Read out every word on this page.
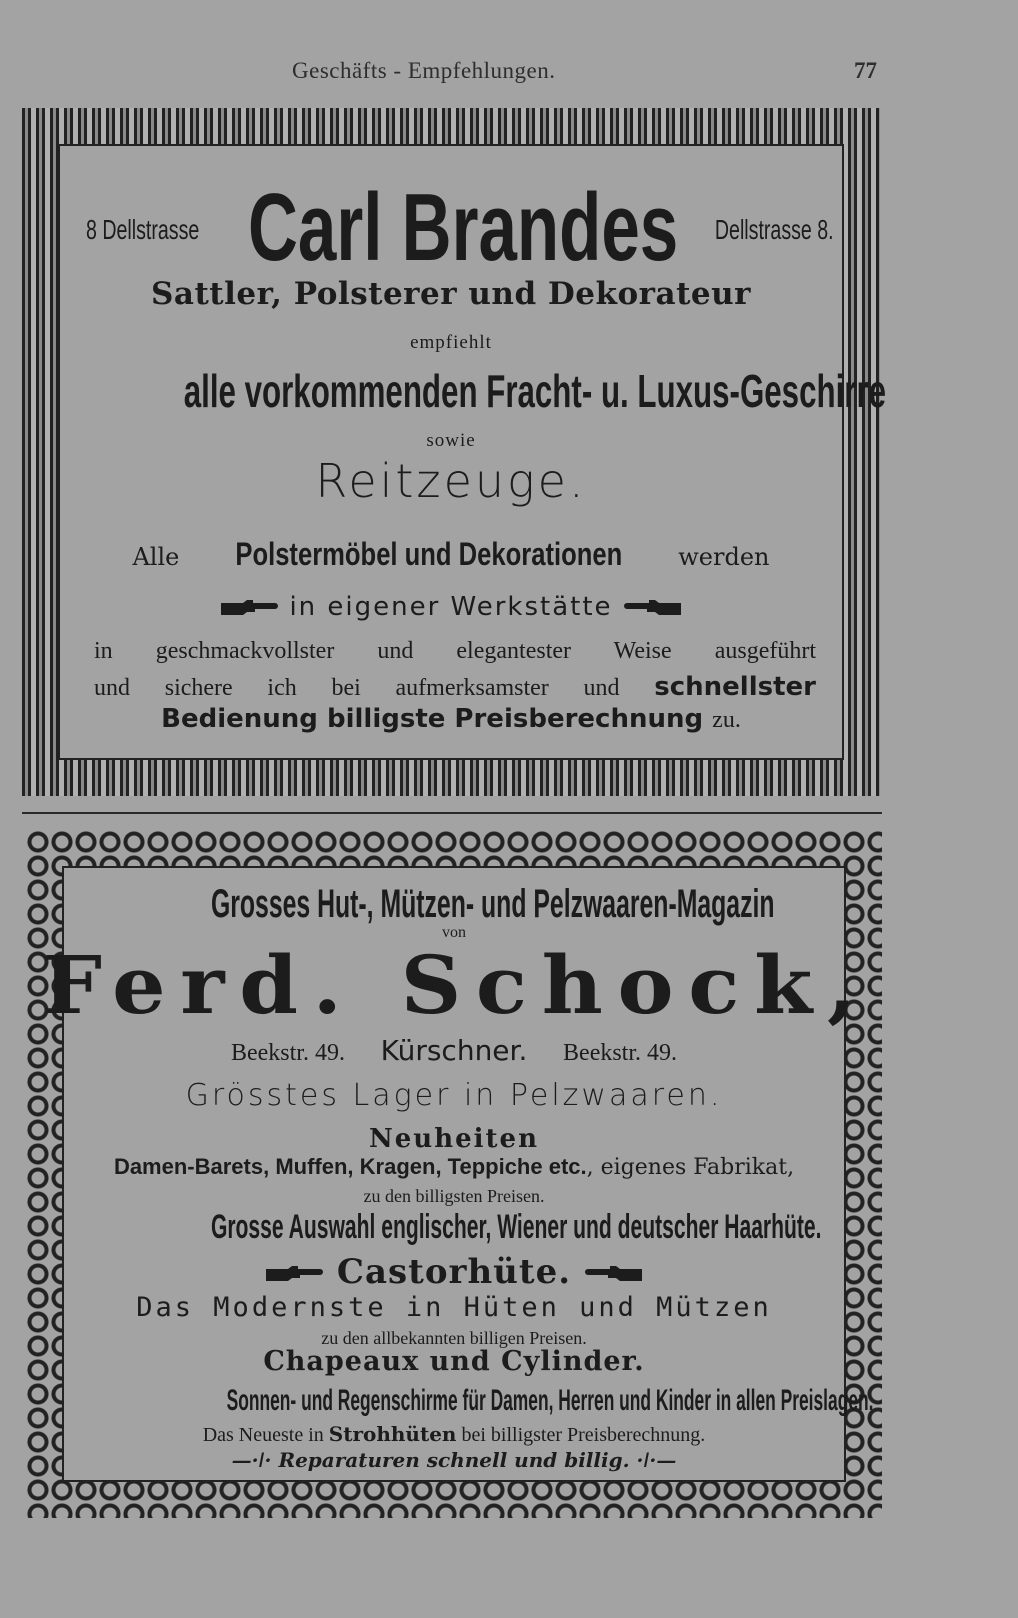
Geschäfts - Empfehlungen.	77
8 Dellstrasse Carl Brandes Dellstrasse 8.
Sattler, Polsterer und Dekorateur
empfiehlt
alle vorkommenden Fracht- u. Luxus-Geschirre
sowie
Reitzeuge.
Alle Polstermöbel und Dekorationen werden
in eigener Werkstätte
in geschmackvollster und elegantester Weise ausgeführt
und sichere ich bei aufmerksamster und schnellster
Bedienung billigste Preisberechnung zu.
Grosses Hut-, Mützen- und Pelzwaaren-Magazin
von
Ferd. Schock,
Beekstr. 49. Kürschner. Beekstr. 49.
Grösstes Lager in Pelzwaaren.
Neuheiten
Damen-Barets, Muffen, Kragen, Teppiche etc., eigenes Fabrikat,
zu den billigsten Preisen.
Grosse Auswahl englischer, Wiener und deutscher Haarhüte.
Castorhüte.
Das Modernste in Hüten und Mützen
zu den allbekannten billigen Preisen.
Chapeaux und Cylinder.
Sonnen- und Regenschirme für Damen, Herren und Kinder in allen Preislagen.
Das Neueste in Strohhüten bei billigster Preisberechnung.
—·ǀ· Reparaturen schnell und billig. ·ǀ·—
